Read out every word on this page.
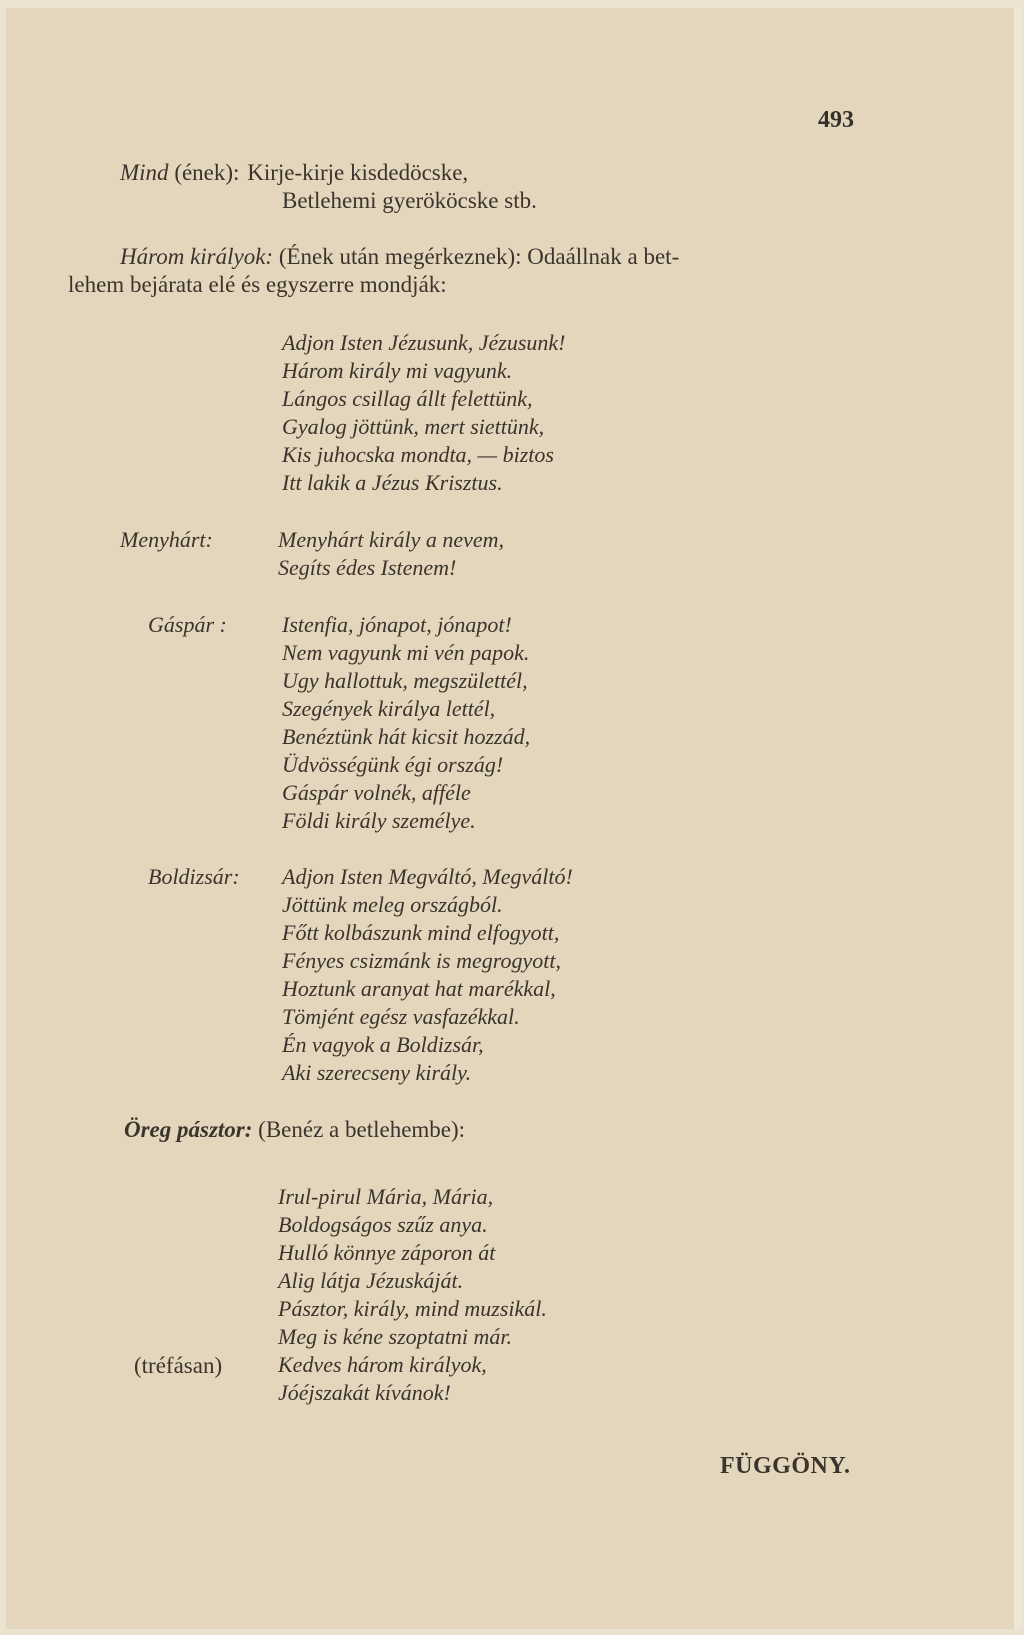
493
Mind (ének): Kirje-kirje kisdedöcske,
Betlehemi gyerököcske stb.
Három királyok: (Ének után megérkeznek): Odaállnak a bet-
lehem bejárata elé és egyszerre mondják:
Adjon Isten Jézusunk, Jézusunk!
Három király mi vagyunk.
Lángos csillag állt felettünk,
Gyalog jöttünk, mert siettünk,
Kis juhocska mondta, — biztos
Itt lakik a Jézus Krisztus.
Menyhárt:	Menyhárt király a nevem,
Segíts édes Istenem!
Gáspár :	Istenfia, jónapot, jónapot!
Nem vagyunk mi vén papok.
Ugy hallottuk, megszülettél,
Szegények királya lettél,
Benéztünk hát kicsit hozzád,
Üdvösségünk égi ország!
Gáspár volnék, afféle
Földi király személye.
Boldizsár: Adjon Isten Megváltó, Megváltó!
Jöttünk meleg országból.
Főtt kolbászunk mind elfogyott,
Fényes csizmánk is megrogyott,
Hoztunk aranyat hat marékkal,
Tömjént egész vasfazékkal.
Én vagyok a Boldizsár,
Aki szerecseny király.
Öreg pásztor: (Benéz a betlehembe):
Irul-pirul Mária, Mária,
Boldogságos szűz anya.
Hulló könnye záporon át
Alig látja Jézuskáját.
Pásztor, király, mind muzsikál.
Meg is kéne szoptatni már.
(tréfásan)	Kedves három királyok,
Jóéjszakát kívánok!
FÜGGÖNY.
